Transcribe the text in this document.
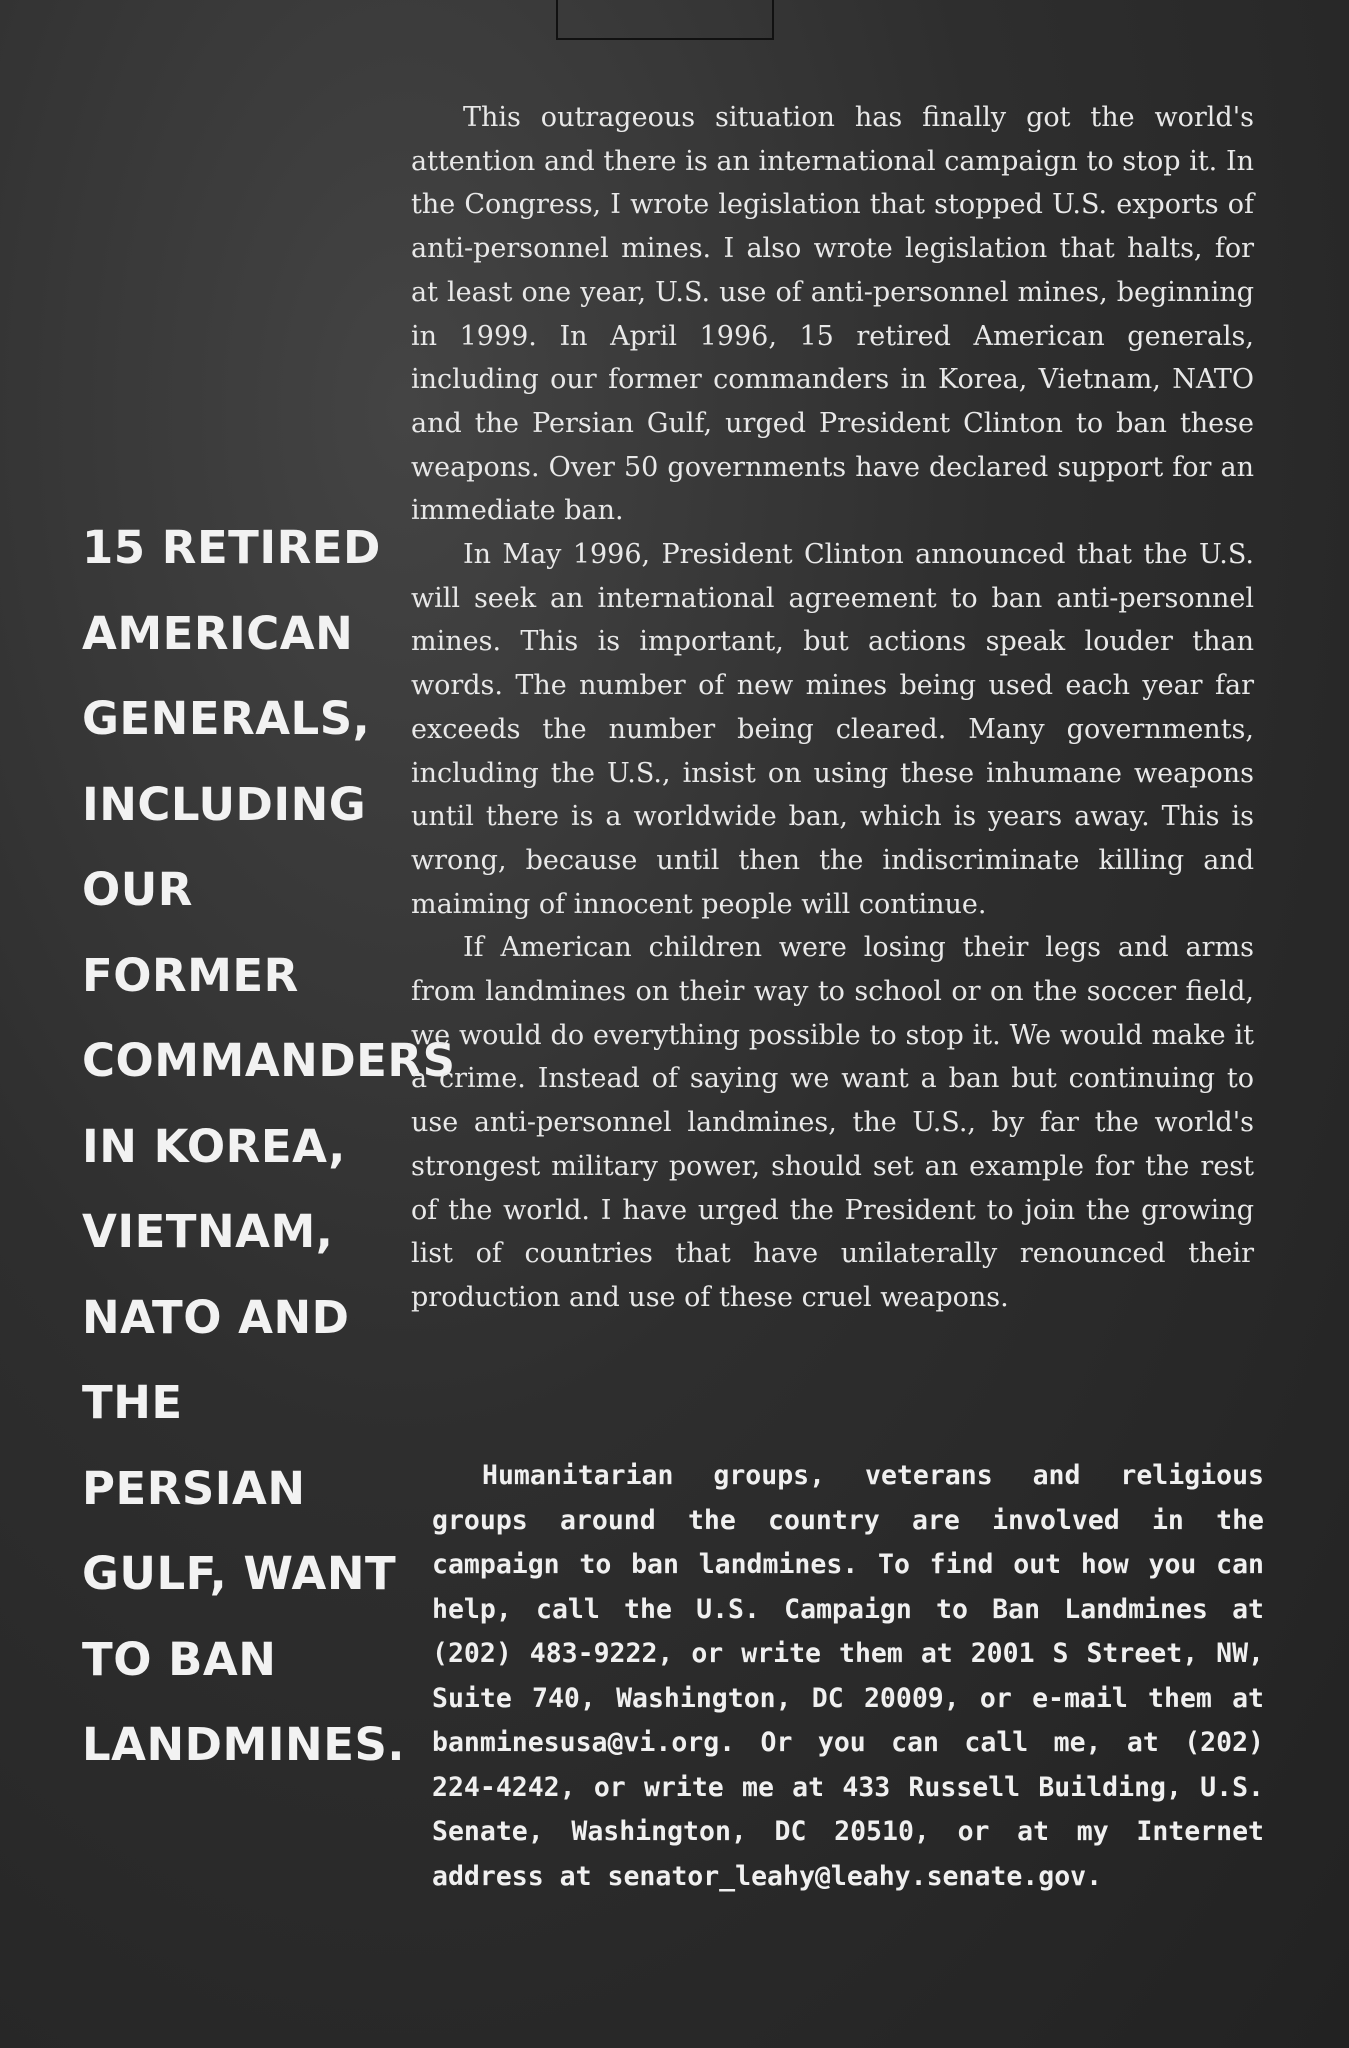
15 RETIRED AMERICAN GENERALS, INCLUDING OUR FORMER COMMANDERS IN KOREA, VIETNAM, NATO AND THE PERSIAN GULF, WANT TO BAN LANDMINES.

This outrageous situation has finally got the world's attention and there is an international campaign to stop it. In the Congress, I wrote legislation that stopped U.S. exports of anti-personnel mines. I also wrote legislation that halts, for at least one year, U.S. use of anti-personnel mines, beginning in 1999. In April 1996, 15 retired American generals, including our former commanders in Korea, Vietnam, NATO and the Persian Gulf, urged President Clinton to ban these weapons. Over 50 governments have declared support for an immediate ban.

In May 1996, President Clinton announced that the U.S. will seek an international agreement to ban anti-personnel mines. This is important, but actions speak louder than words. The number of new mines being used each year far exceeds the number being cleared. Many governments, including the U.S., insist on using these inhumane weapons until there is a worldwide ban, which is years away. This is wrong, because until then the indiscriminate killing and maiming of innocent people will continue.

If American children were losing their legs and arms from landmines on their way to school or on the soccer field, we would do everything possible to stop it. We would make it a crime. Instead of saying we want a ban but continuing to use anti-personnel landmines, the U.S., by far the world's strongest military power, should set an example for the rest of the world. I have urged the President to join the growing list of countries that have unilaterally renounced their production and use of these cruel weapons.

Humanitarian groups, veterans and religious groups around the country are involved in the campaign to ban landmines. To find out how you can help, call the U.S. Campaign to Ban Landmines at (202) 483-9222, or write them at 2001 S Street, NW, Suite 740, Washington, DC 20009, or e-mail them at banminesusa@vi.org. Or you can call me, at (202) 224-4242, or write me at 433 Russell Building, U.S. Senate, Washington, DC 20510, or at my Internet address at senator_leahy@leahy.senate.gov.
